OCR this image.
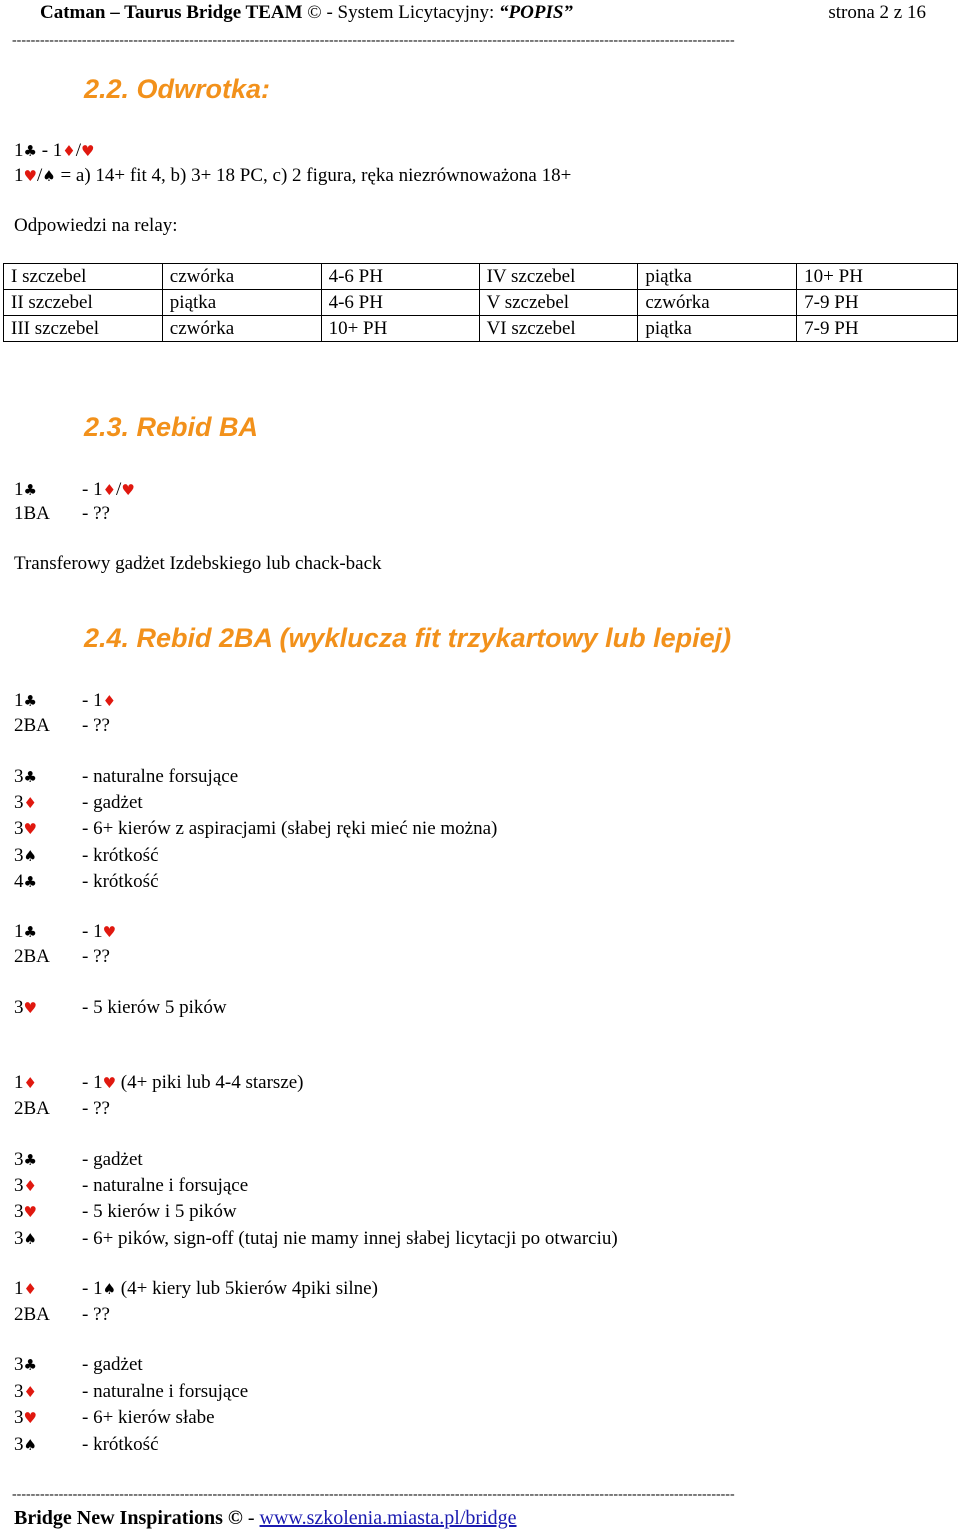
Catman – Taurus Bridge TEAM © - System Licytacyjny: “POPIS”	strona 2 z 16
-----------------------------------------------------------------------------------------------------------------------------------------------------------
2.2. Odwrotka:
1♣ - 1♦/♥
1♥/♠ = a) 14+ fit 4, b) 3+ 18 PC, c) 2 figura, ręka niezrównoważona 18+
Odpowiedzi na relay:
I szczebel	czwórka	4-6 PH	IV szczebel	piątka	10+ PH
II szczebel	piątka	4-6 PH	V szczebel	czwórka	7-9 PH
III szczebel	czwórka	10+ PH	VI szczebel	piątka	7-9 PH
2.3. Rebid BA
1♣ - 1♦/♥
1BA - ??
Transferowy gadżet Izdebskiego lub chack-back
2.4. Rebid 2BA (wyklucza fit trzykartowy lub lepiej)
1♣ - 1♦
2BA - ??
3♣ - naturalne forsujące
3♦ - gadżet
3♥ - 6+ kierów z aspiracjami (słabej ręki mieć nie można)
3♠ - krótkość
4♣ - krótkość
1♣ - 1♥
2BA - ??
3♥ - 5 kierów 5 pików
1♦ - 1♥ (4+ piki lub 4-4 starsze)
2BA - ??
3♣ - gadżet
3♦ - naturalne i forsujące
3♥ - 5 kierów i 5 pików
3♠ - 6+ pików, sign-off (tutaj nie mamy innej słabej licytacji po otwarciu)
1♦ - 1♠ (4+ kiery lub 5kierów 4piki silne)
2BA - ??
3♣ - gadżet
3♦ - naturalne i forsujące
3♥ - 6+ kierów słabe
3♠ - krótkość
-----------------------------------------------------------------------------------------------------------------------------------------------------------
Bridge New Inspirations © - www.szkolenia.miasta.pl/bridge
